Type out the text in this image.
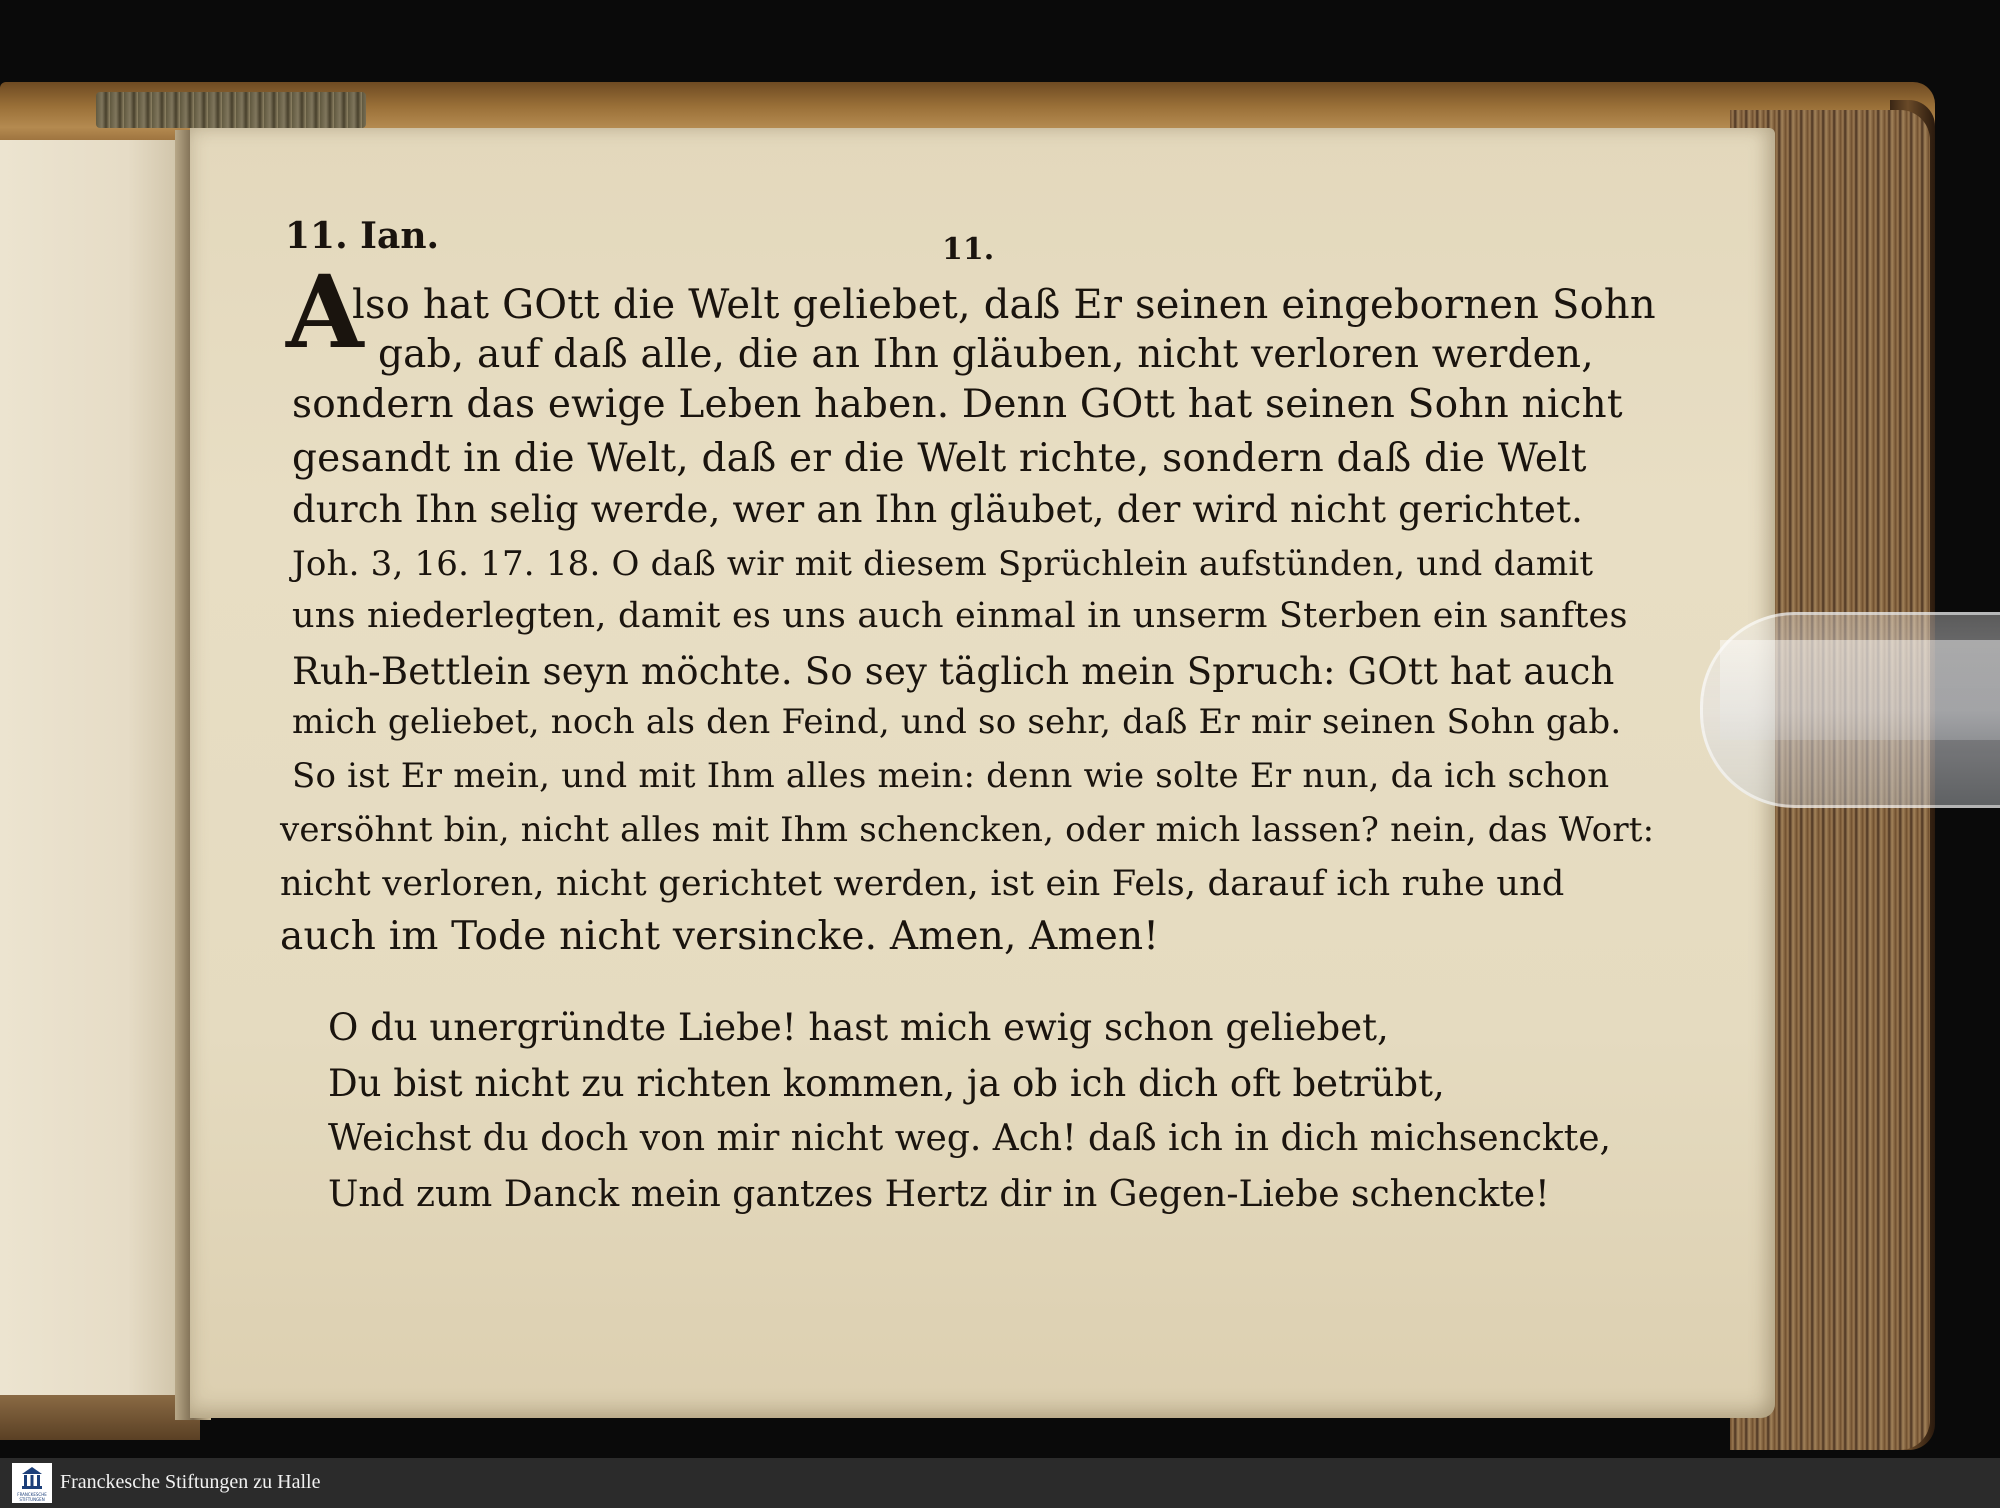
11. Ian.	11.
A
lso hat GOtt die Welt geliebet, daß Er seinen eingebornen Sohn
gab, auf daß alle, die an Ihn gläuben, nicht verloren werden,
sondern das ewige Leben haben. Denn GOtt hat seinen Sohn nicht
gesandt in die Welt, daß er die Welt richte, sondern daß die Welt
durch Ihn selig werde, wer an Ihn gläubet, der wird nicht gerichtet.
Joh. 3, 16. 17. 18. O daß wir mit diesem Sprüchlein aufstünden, und damit
uns niederlegten, damit es uns auch einmal in unserm Sterben ein sanftes
Ruh-Bettlein seyn möchte. So sey täglich mein Spruch: GOtt hat auch
mich geliebet, noch als den Feind, und so sehr, daß Er mir seinen Sohn gab.
So ist Er mein, und mit Ihm alles mein: denn wie solte Er nun, da ich schon
versöhnt bin, nicht alles mit Ihm schencken, oder mich lassen? nein, das Wort:
nicht verloren, nicht gerichtet werden, ist ein Fels, darauf ich ruhe und
auch im Tode nicht versincke. Amen, Amen!
O du unergründte Liebe! hast mich ewig schon geliebet,
Du bist nicht zu richten kommen, ja ob ich dich oft betrübt,
Weichst du doch von mir nicht weg. Ach! daß ich in dich michsenckte,
Und zum Danck mein gantzes Hertz dir in Gegen-Liebe schenckte!
FRANCKESCHE STIFTUNGEN
Franckesche Stiftungen zu Halle
